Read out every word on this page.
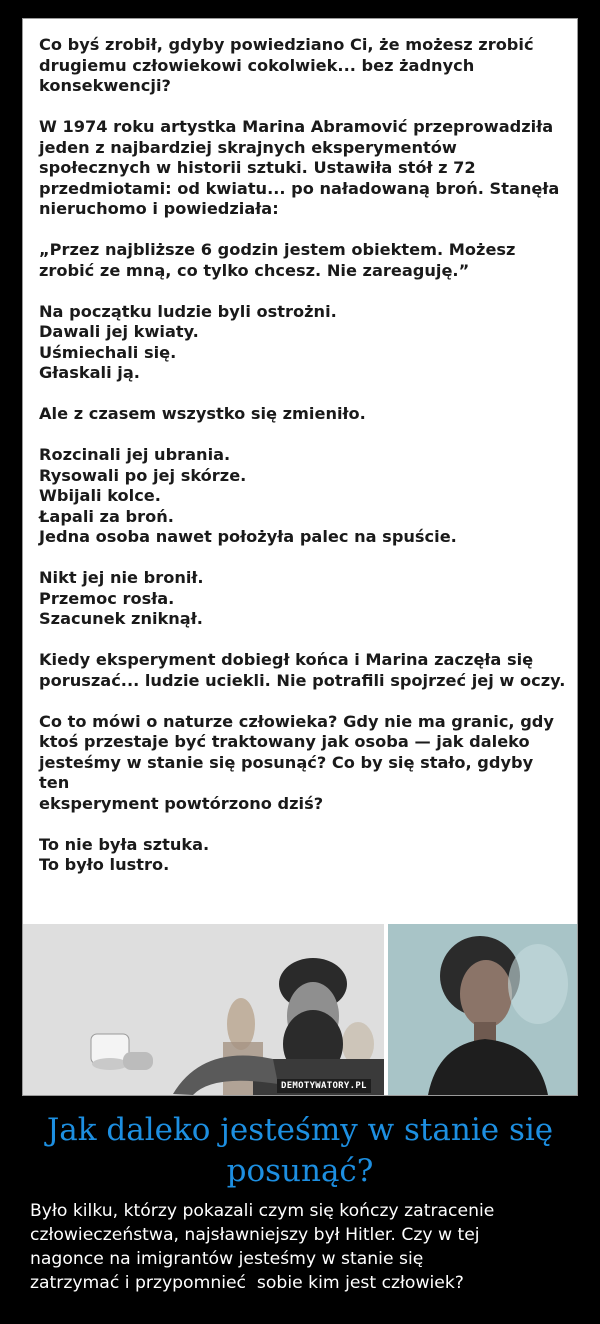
Co byś zrobił, gdyby powiedziano Ci, że możesz zrobić
drugiemu człowiekowi cokolwiek... bez żadnych
konsekwencji?

W 1974 roku artystka Marina Abramović przeprowadziła
jeden z najbardziej skrajnych eksperymentów
społecznych w historii sztuki. Ustawiła stół z 72
przedmiotami: od kwiatu... po naładowaną broń. Stanęła
nieruchomo i powiedziała:

„Przez najbliższe 6 godzin jestem obiektem. Możesz
zrobić ze mną, co tylko chcesz. Nie zareaguję.”

Na początku ludzie byli ostrożni.
Dawali jej kwiaty.
Uśmiechali się.
Głaskali ją.

Ale z czasem wszystko się zmieniło.

Rozcinali jej ubrania.
Rysowali po jej skórze.
Wbijali kolce.
Łapali za broń.
Jedna osoba nawet położyła palec na spuście.

Nikt jej nie bronił.
Przemoc rosła.
Szacunek zniknął.

Kiedy eksperyment dobiegł końca i Marina zaczęła się
poruszać... ludzie uciekli. Nie potrafili spojrzeć jej w oczy.

Co to mówi o naturze człowieka? Gdy nie ma granic, gdy
ktoś przestaje być traktowany jak osoba — jak daleko
jesteśmy w stanie się posunąć? Co by się stało, gdyby ten
eksperyment powtórzono dziś?

To nie była sztuka.
To było lustro.

DEMOTYWATORY.PL
Jak daleko jesteśmy w stanie się
posunąć?
Było kilku, którzy pokazali czym się kończy zatracenie
człowieczeństwa, najsławniejszy był Hitler. Czy w tej
nagonce na imigrantów jesteśmy w stanie się
zatrzymać i przypomnieć  sobie kim jest człowiek?
